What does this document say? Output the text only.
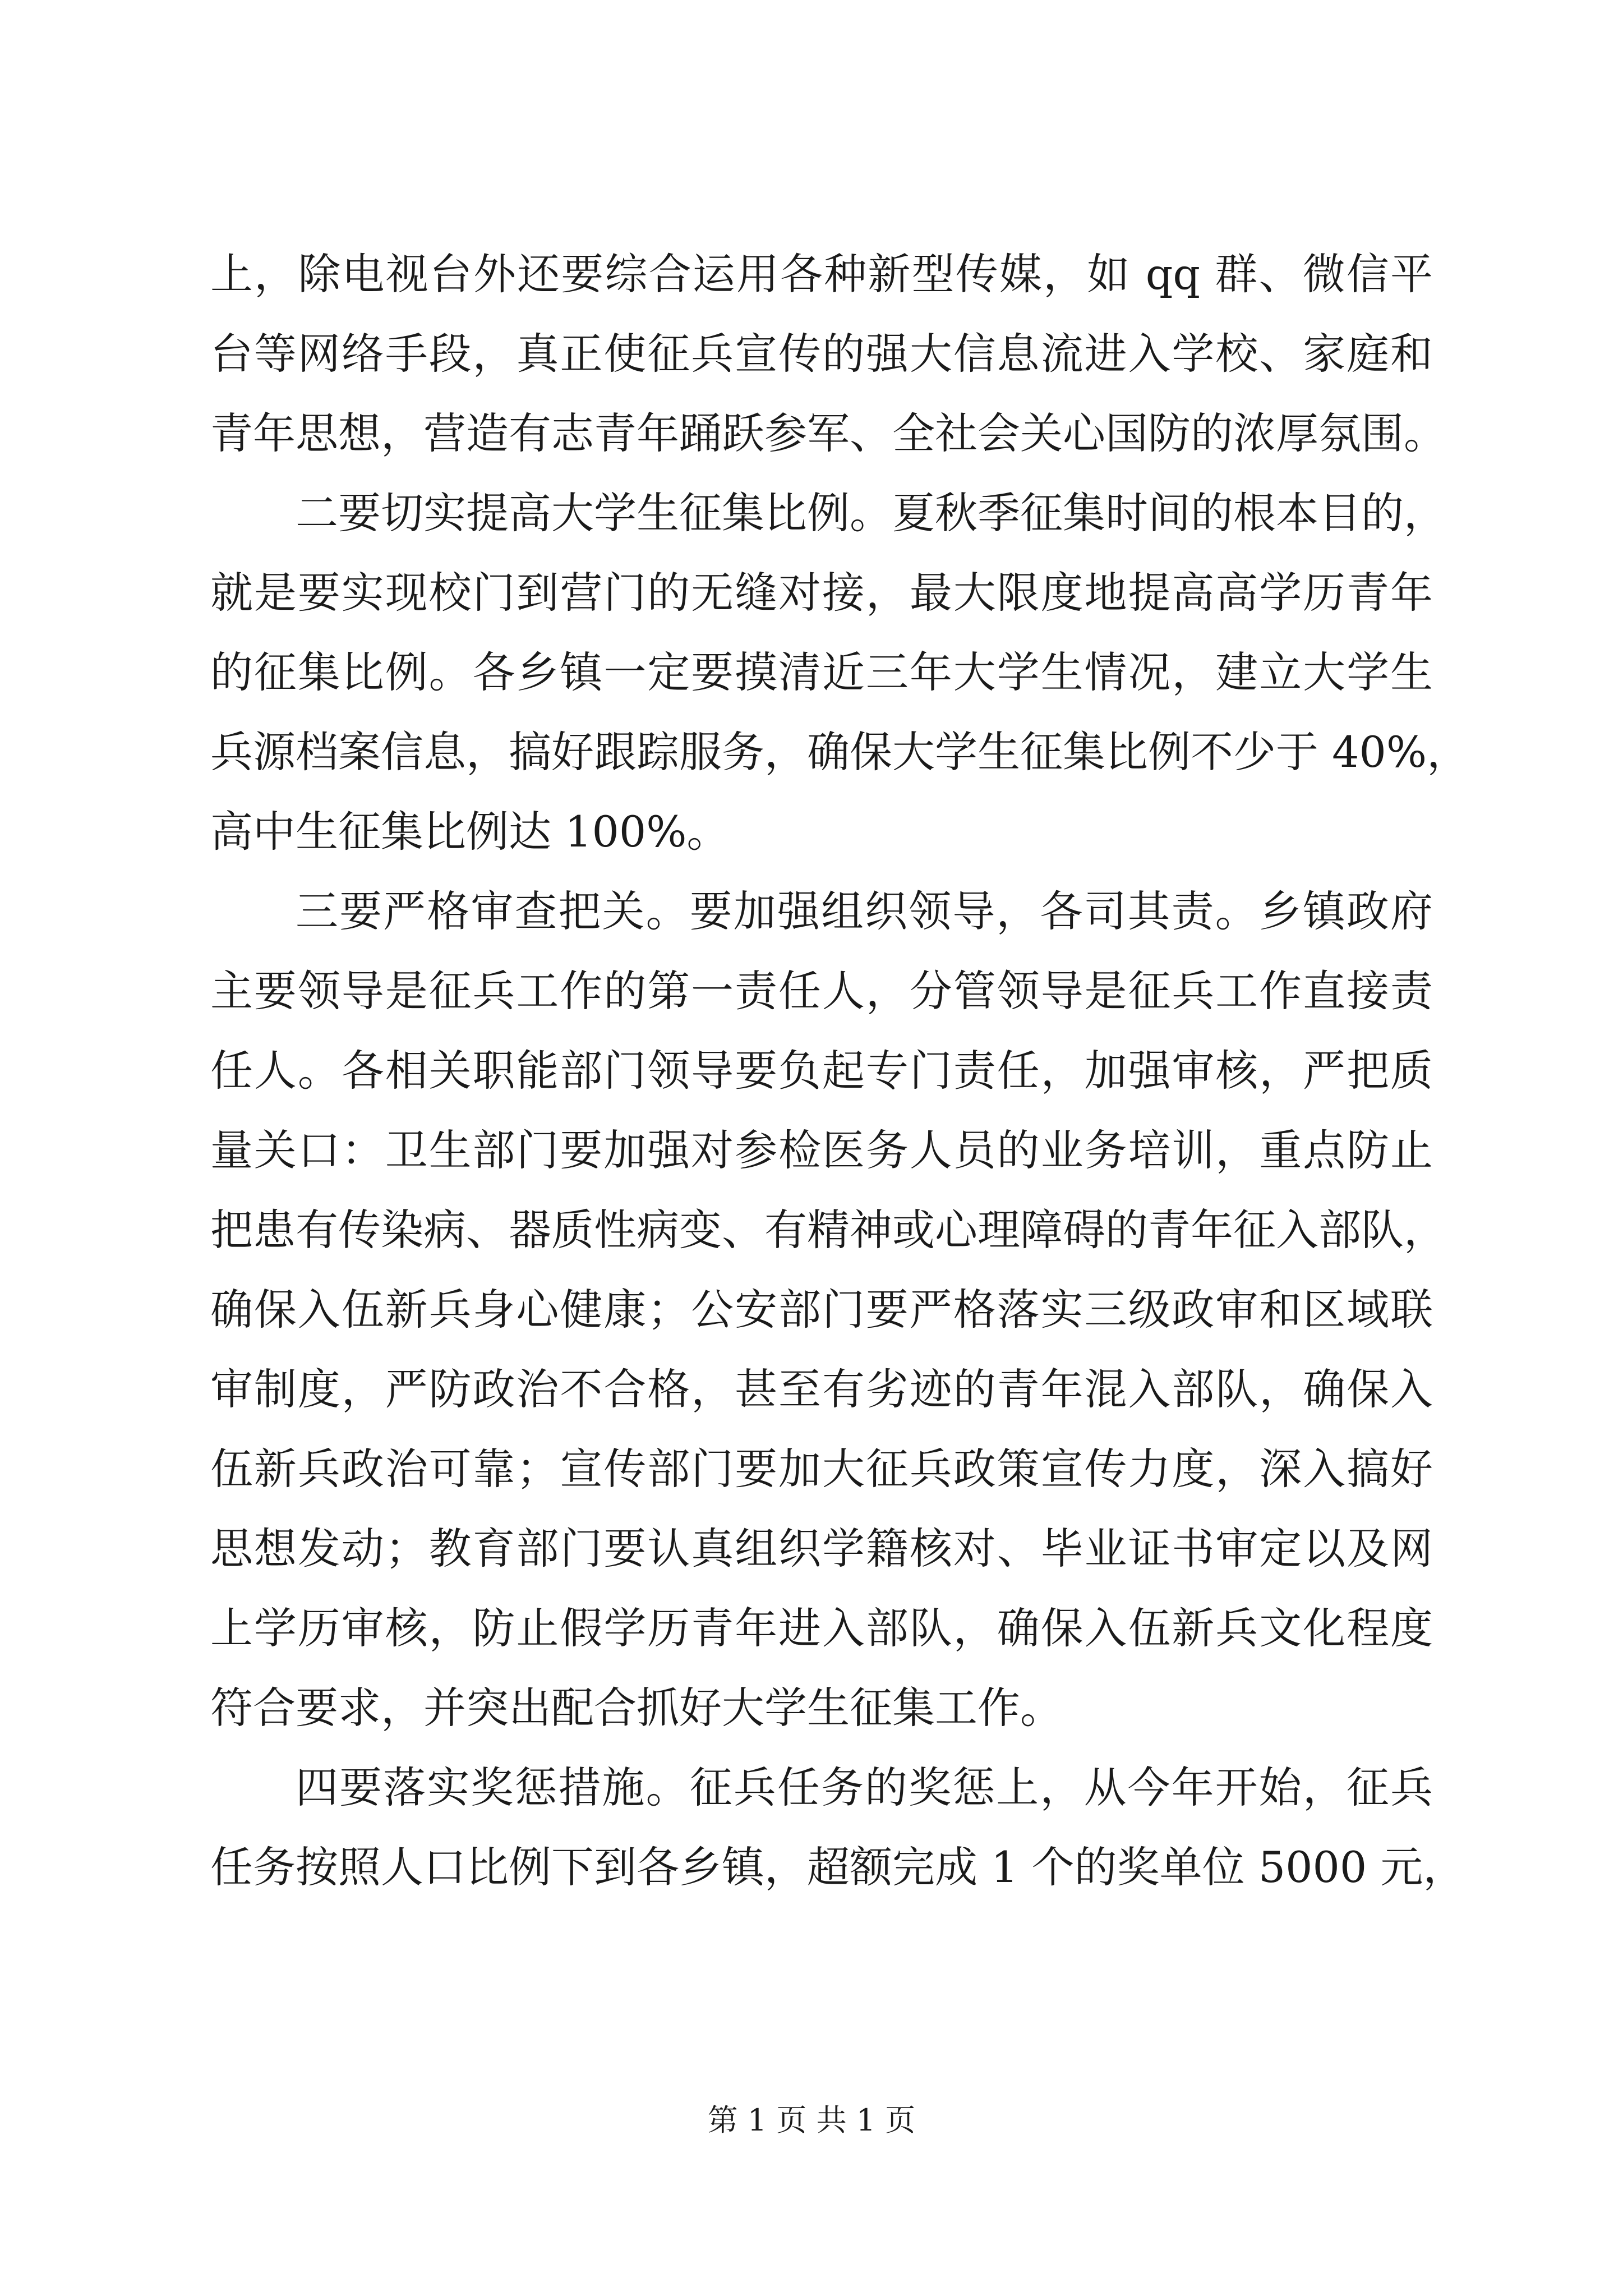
上，除电视台外还要综合运用各种新型传媒，如 qq 群、微信平
台等网络手段，真正使征兵宣传的强大信息流进入学校、家庭和
青年思想，营造有志青年踊跃参军、全社会关心国防的浓厚氛围。
二要切实提高大学生征集比例。夏秋季征集时间的根本目的，
就是要实现校门到营门的无缝对接，最大限度地提高高学历青年
的征集比例。各乡镇一定要摸清近三年大学生情况，建立大学生
兵源档案信息，搞好跟踪服务，确保大学生征集比例不少于 40%，
高中生征集比例达 100%。
三要严格审查把关。要加强组织领导，各司其责。乡镇政府
主要领导是征兵工作的第一责任人，分管领导是征兵工作直接责
任人。各相关职能部门领导要负起专门责任，加强审核，严把质
量关口：卫生部门要加强对参检医务人员的业务培训，重点防止
把患有传染病、器质性病变、有精神或心理障碍的青年征入部队，
确保入伍新兵身心健康；公安部门要严格落实三级政审和区域联
审制度，严防政治不合格，甚至有劣迹的青年混入部队，确保入
伍新兵政治可靠；宣传部门要加大征兵政策宣传力度，深入搞好
思想发动；教育部门要认真组织学籍核对、毕业证书审定以及网
上学历审核，防止假学历青年进入部队，确保入伍新兵文化程度
符合要求，并突出配合抓好大学生征集工作。
四要落实奖惩措施。征兵任务的奖惩上，从今年开始，征兵
任务按照人口比例下到各乡镇，超额完成 1 个的奖单位 5000 元，
第 1 页 共 1 页
